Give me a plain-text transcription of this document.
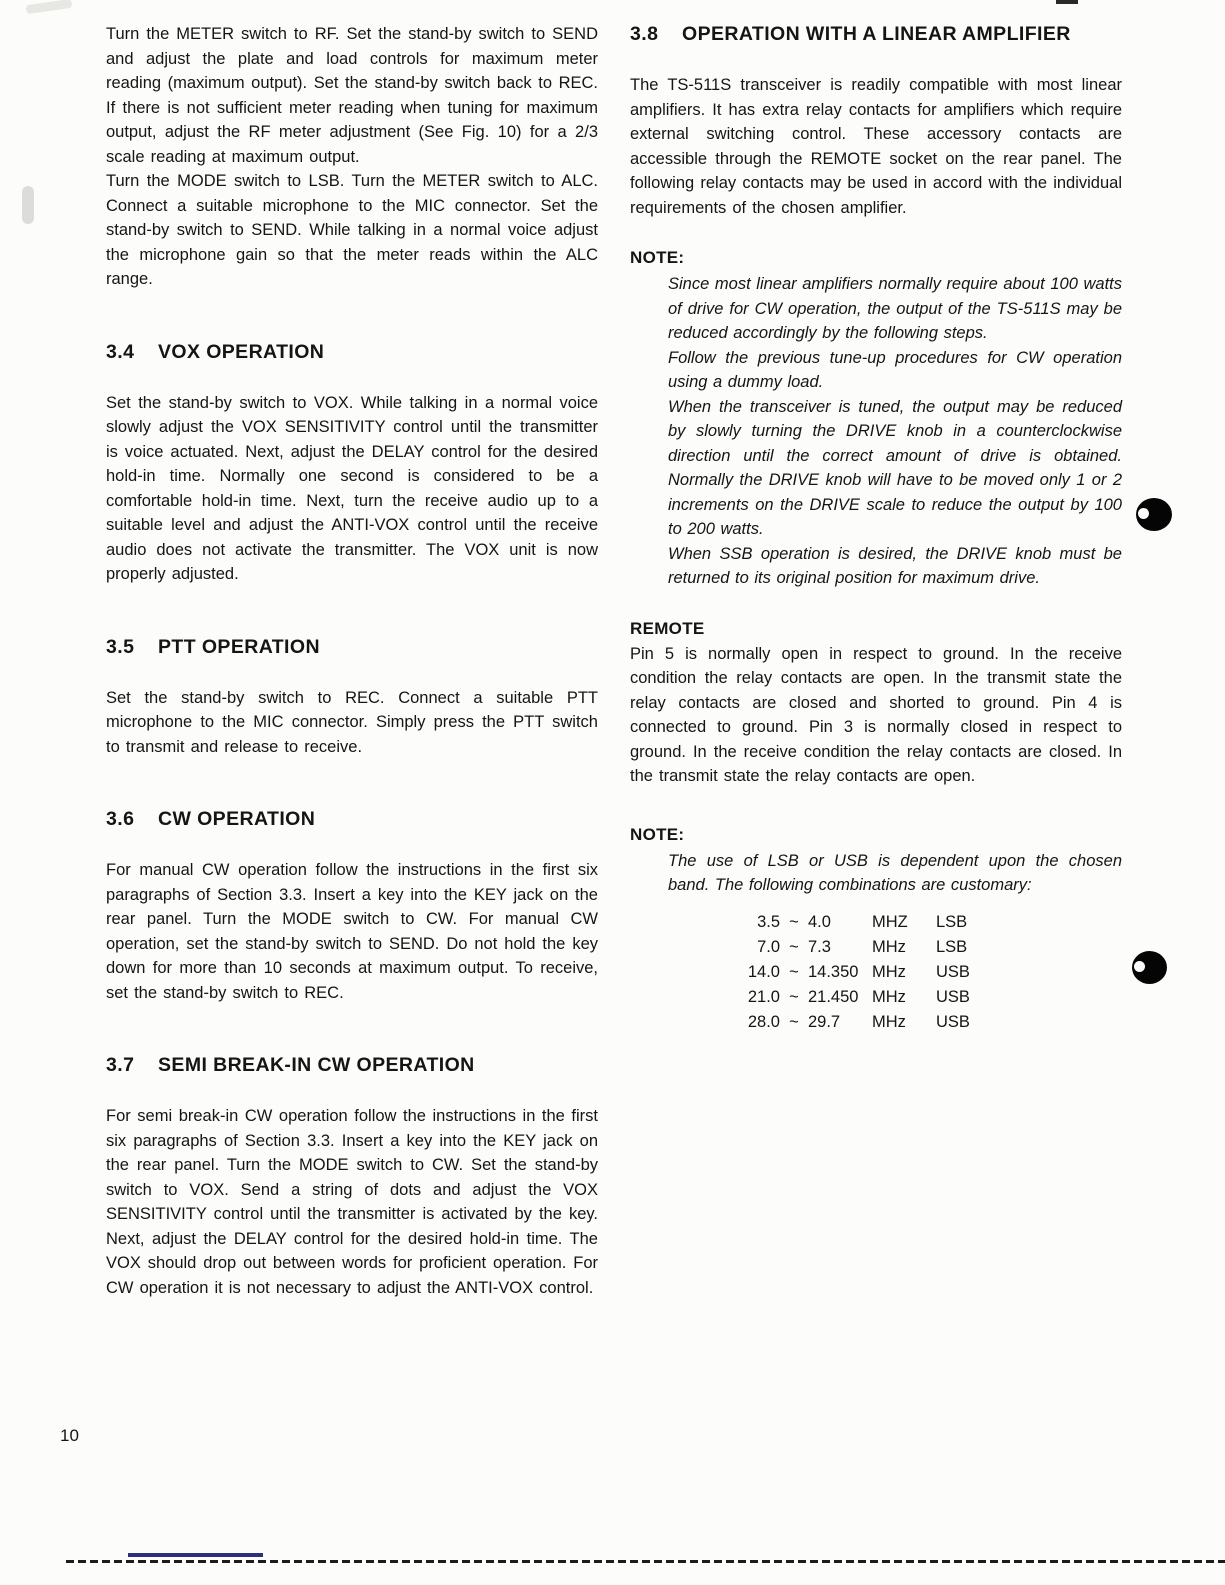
Turn the METER switch to RF. Set the stand-by switch to SEND and adjust the plate and load controls for maximum meter reading (maximum output). Set the stand-by switch back to REC. If there is not sufficient meter reading when tuning for maximum output, adjust the RF meter adjustment (See Fig. 10) for a 2/3 scale reading at maximum output.

Turn the MODE switch to LSB. Turn the METER switch to ALC. Connect a suitable microphone to the MIC connector. Set the stand-by switch to SEND. While talking in a normal voice adjust the microphone gain so that the meter reads within the ALC range.

3.4	VOX OPERATION

Set the stand-by switch to VOX. While talking in a normal voice slowly adjust the VOX SENSITIVITY control until the transmitter is voice actuated. Next, adjust the DELAY control for the desired hold-in time. Normally one second is considered to be a comfortable hold-in time. Next, turn the receive audio up to a suitable level and adjust the ANTI-VOX control until the receive audio does not activate the transmitter. The VOX unit is now properly adjusted.

3.5	PTT OPERATION

Set the stand-by switch to REC. Connect a suitable PTT microphone to the MIC connector. Simply press the PTT switch to transmit and release to receive.

3.6	CW OPERATION

For manual CW operation follow the instructions in the first six paragraphs of Section 3.3. Insert a key into the KEY jack on the rear panel. Turn the MODE switch to CW. For manual CW operation, set the stand-by switch to SEND. Do not hold the key down for more than 10 seconds at maximum output. To receive, set the stand-by switch to REC.

3.7	SEMI BREAK-IN CW OPERATION

For semi break-in CW operation follow the instructions in the first six paragraphs of Section 3.3. Insert a key into the KEY jack on the rear panel. Turn the MODE switch to CW. Set the stand-by switch to VOX. Send a string of dots and adjust the VOX SENSITIVITY control until the transmitter is activated by the key. Next, adjust the DELAY control for the desired hold-in time. The VOX should drop out between words for proficient operation. For CW operation it is not necessary to adjust the ANTI-VOX control.

3.8	OPERATION WITH A LINEAR AMPLIFIER

The TS-511S transceiver is readily compatible with most linear amplifiers. It has extra relay contacts for amplifiers which require external switching control. These accessory contacts are accessible through the REMOTE socket on the rear panel. The following relay contacts may be used in accord with the individual requirements of the chosen amplifier.

NOTE:

Since most linear amplifiers normally require about 100 watts of drive for CW operation, the output of the TS-511S may be reduced accordingly by the following steps.

Follow the previous tune-up procedures for CW operation using a dummy load.

When the transceiver is tuned, the output may be reduced by slowly turning the DRIVE knob in a counterclockwise direction until the correct amount of drive is obtained. Normally the DRIVE knob will have to be moved only 1 or 2 increments on the DRIVE scale to reduce the output by 100 to 200 watts.

When SSB operation is desired, the DRIVE knob must be returned to its original position for maximum drive.

REMOTE

Pin 5 is normally open in respect to ground. In the receive condition the relay contacts are open. In the transmit state the relay contacts are closed and shorted to ground. Pin 4 is connected to ground. Pin 3 is normally closed in respect to ground. In the receive condition the relay contacts are closed. In the transmit state the relay contacts are open.

NOTE:

The use of LSB or USB is dependent upon the chosen band. The following combinations are customary:

3.5 ~ 4.0	MHZ	LSB
7.0 ~ 7.3	MHz	LSB
14.0 ~ 14.350 MHz	USB
21.0 ~ 21.450 MHz	USB
28.0 ~ 29.7	MHz	USB
10
